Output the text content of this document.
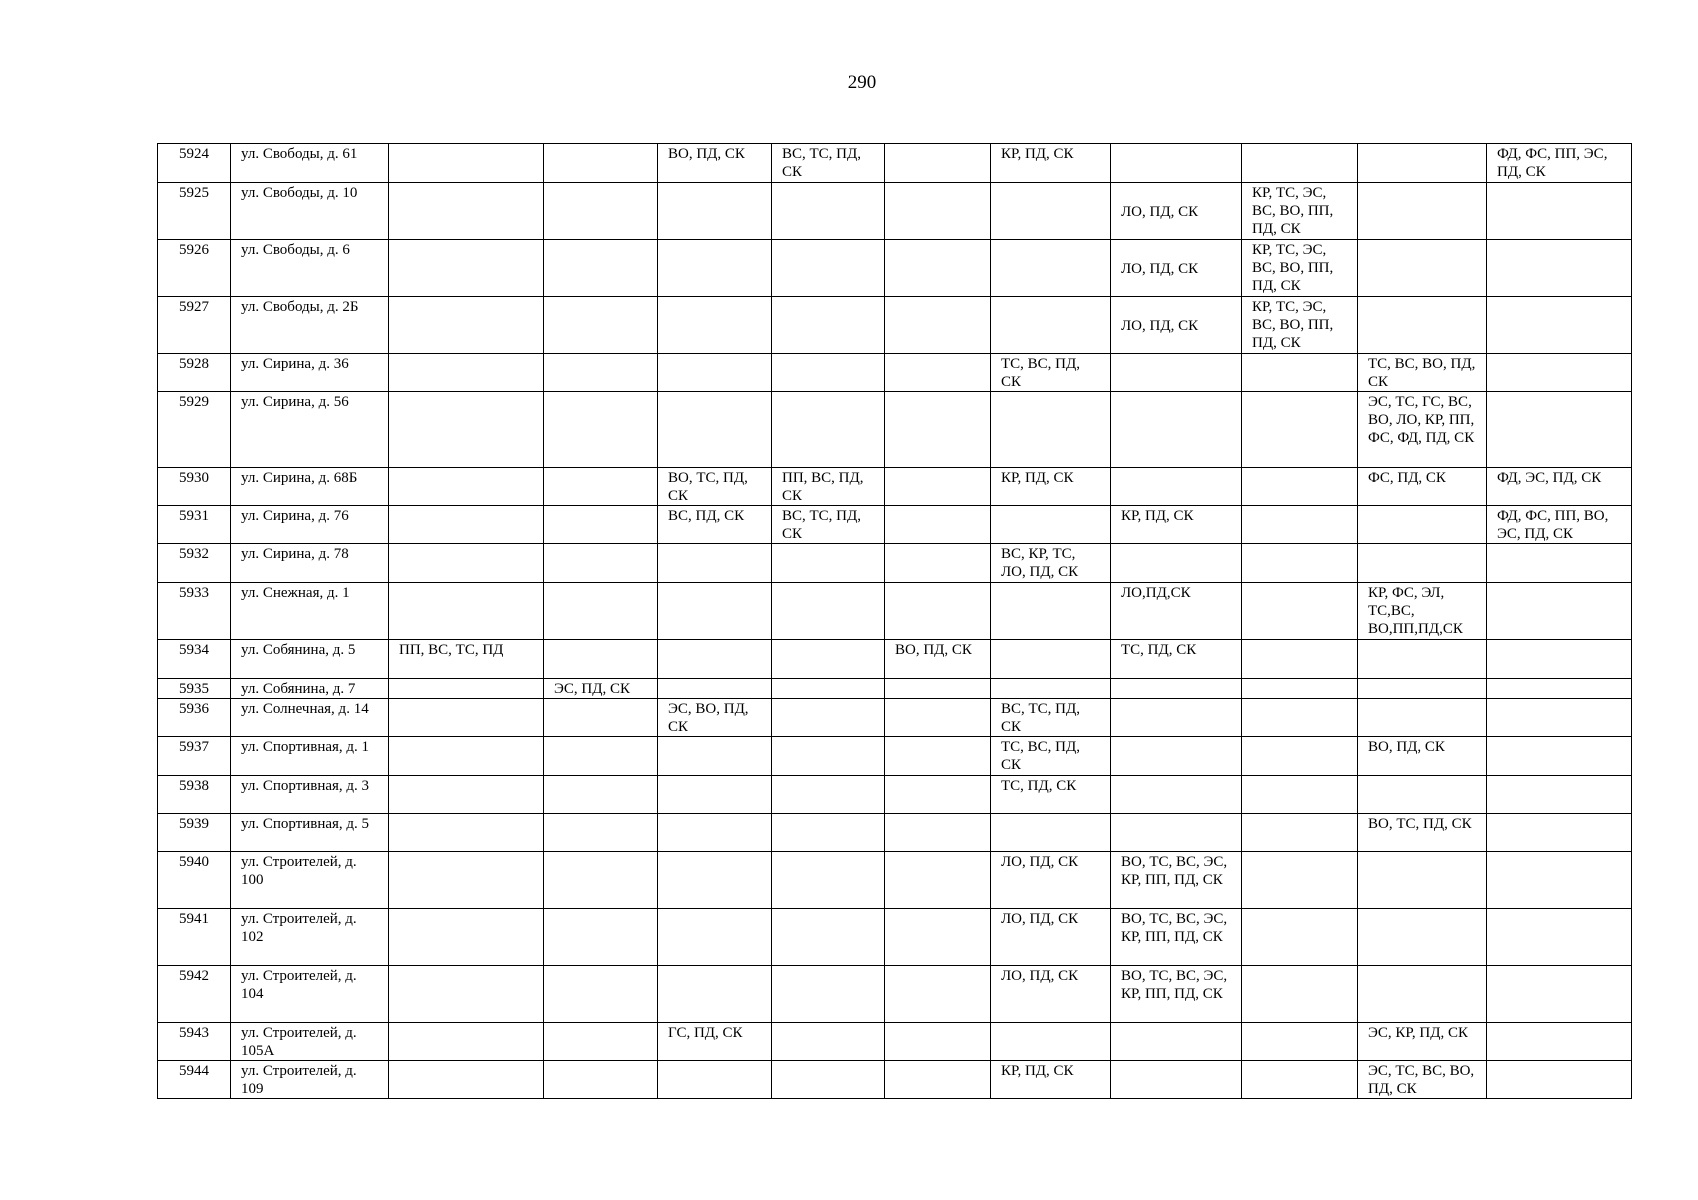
290
5924	ул. Свободы, д. 61			ВО, ПД, СК	ВС, ТС, ПД, СК		КР, ПД, СК				ФД, ФС, ПП, ЭС, ПД, СК
5925	ул. Свободы, д. 10							ЛО, ПД, СК	КР, ТС, ЭС, ВС, ВО, ПП, ПД, СК		
5926	ул. Свободы, д. 6							ЛО, ПД, СК	КР, ТС, ЭС, ВС, ВО, ПП, ПД, СК		
5927	ул. Свободы, д. 2Б							ЛО, ПД, СК	КР, ТС, ЭС, ВС, ВО, ПП, ПД, СК		
5928	ул. Сирина, д. 36						ТС, ВС, ПД, СК			ТС, ВС, ВО, ПД, СК	
5929	ул. Сирина, д. 56									ЭС, ТС, ГС, ВС, ВО, ЛО, КР, ПП, ФС, ФД, ПД, СК	
5930	ул. Сирина, д. 68Б			ВО, ТС, ПД, СК	ПП, ВС, ПД, СК		КР, ПД, СК			ФС, ПД, СК	ФД, ЭС, ПД, СК
5931	ул. Сирина, д. 76			ВС, ПД, СК	ВС, ТС, ПД, СК			КР, ПД, СК			ФД, ФС, ПП, ВО, ЭС, ПД, СК
5932	ул. Сирина, д. 78						ВС, КР, ТС, ЛО, ПД, СК				
5933	ул. Снежная, д. 1							ЛО,ПД,СК		КР, ФС, ЭЛ, ТС,ВС, ВО,ПП,ПД,СК	
5934	ул. Собянина, д. 5	ПП, ВС, ТС, ПД				ВО, ПД, СК		ТС, ПД, СК			
5935	ул. Собянина, д. 7		ЭС, ПД, СК								
5936	ул. Солнечная, д. 14			ЭС, ВО, ПД, СК			ВС, ТС, ПД, СК				
5937	ул. Спортивная, д. 1						ТС, ВС, ПД, СК			ВО, ПД, СК	
5938	ул. Спортивная, д. 3						ТС, ПД, СК				
5939	ул. Спортивная, д. 5									ВО, ТС, ПД, СК	
5940	ул. Строителей, д. 100						ЛО, ПД, СК	ВО, ТС, ВС, ЭС, КР, ПП, ПД, СК			
5941	ул. Строителей, д. 102						ЛО, ПД, СК	ВО, ТС, ВС, ЭС, КР, ПП, ПД, СК			
5942	ул. Строителей, д. 104						ЛО, ПД, СК	ВО, ТС, ВС, ЭС, КР, ПП, ПД, СК			
5943	ул. Строителей, д. 105А			ГС, ПД, СК						ЭС, КР, ПД, СК	
5944	ул. Строителей, д. 109						КР, ПД, СК			ЭС, ТС, ВС, ВО, ПД, СК	
